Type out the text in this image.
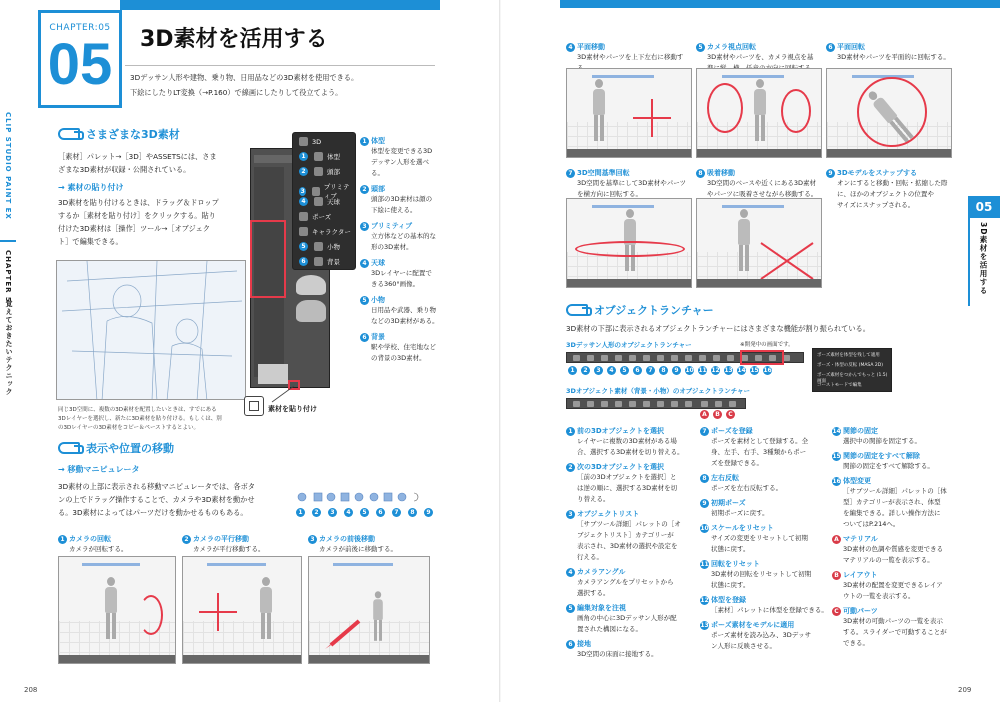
CHAPTER:05
05	3D素材を活用する
3Dデッサン人形や建物、乗り物、日用品などの3D素材を使用できる。
下絵にしたりLT変換（→P.160）で線画にしたりして役立てよう。
CLIP STUDIO PAINT EX
CHAPTER 5
覚えておきたいテクニック
さまざまな3D素材
［素材］パレット→［3D］やASSETSには、さま
ざまな3D素材が収録・公開されている。
→ 素材の貼り付け
3D素材を貼り付けるときは、ドラッグ＆ドロップ
するか［素材を貼り付け］をクリックする。貼り
付けた3D素材は［操作］ツール→［オブジェク
ト］で編集できる。
同じ3D空間に、複数の3D素材を配置したいときは、すでにある
3Dレイヤーを選択し、新たに3D素材を貼り付ける。もしくは、別
の3Dレイヤーの3D素材をコピー＆ペーストするとよい。
3D
1	体型
2	頭部
3	プリミティブ
4	天球
ポーズ
キャラクター
5	小物
6	背景
素材を貼り付け
1 体型
体型を変更できる3D
デッサン人形を選べる。
2 頭部
頭部の3D素材は顔の
下絵に使える。
3 プリミティブ
立方体などの基本的な
形の3D素材。
4 天球
3Dレイヤーに配置で
きる360°画像。
5 小物
日用品や武器、乗り物
などの3D素材がある。
6 背景
駅や学校、住宅地など
の背景の3D素材。
表示や位置の移動
→ 移動マニピュレータ
3D素材の上部に表示される移動マニピュレータでは、各ボタ
ンの上でドラッグ操作することで、カメラや3D素材を動かせ
る。3D素材によってはパーツだけを動かせるものもある。	1	2	3	4	5	6	7	8	9
1 カメラの回転
カメラが回転する。
2 カメラの平行移動
カメラが平行移動する。
3 カメラの前後移動
カメラが前後に移動する。
4 平面移動
3D素材やパーツを上下左右に移動す
5 カメラ視点回転
3D素材やパーツを、カメラ視点を基
6 平面回転
3D素材やパーツを平面的に回転する。
7 3D空間基準回転
3D空間を基準にして3D素材やパーツ
を横方向に回転する。
8 吸着移動
3D空間のベースや近くにある3D素材
やパーツに吸着させながら移動する。
9 3Dモデルをスナップする
オンにすると移動・回転・拡縮した際
に、ほかのオブジェクトの位置や
サイズにスナップされる。
オブジェクトランチャー
3D素材の下部に表示されるオブジェクトランチャーにはさまざまな機能が割り振られている。
3Dデッサン人形のオブジェクトランチャー	※開発中の画面です。
ポーズ素材を体型を残して適用
ポーズ・体型の反転 (MASA 2D)
ポーズ素材をつかんでもっと (1.5) 画面
ゴーストモードで編集
1	2	3	4	5	6	7	8	9	10 11 12 13 14 15 16
3Dオブジェクト素材（背景・小物）のオブジェクトランチャー
A	B	C
1 前の3Dオブジェクトを選択
レイヤーに複数の3D素材がある場
合、選択する3D素材を切り替える。
2 次の3Dオブジェクトを選択
［前の3Dオブジェクトを選択］と
は逆の順に、選択する3D素材を切
り替える。
3 オブジェクトリスト
［サブツール詳細］パレットの［オ
ブジェクトリスト］カテゴリーが
表示され、3D素材の選択や設定を
行える。
4 カメラアングル
カメラアングルをプリセットから
選択する。
5 編集対象を注視
画角の中心に3Dデッサン人形が配
置された構図になる。
6 接地
3D空間の床面に接地する。
7 ポーズを登録
ポーズを素材として登録する。全
身、左手、右手、3種類からポー
ズを登録できる。
8 左右反転
ポーズを左右反転する。
9 初期ポーズ
初期ポーズに戻す。
10 スケールをリセット
サイズの変更をリセットして初期
状態に戻す。
11 回転をリセット
3D素材の回転をリセットして初期
状態に戻す。
12 体型を登録
［素材］パレットに体型を登録できる。
13 ポーズ素材をモデルに適用
ポーズ素材を読み込み、3Dデッサ
ン人形に反映させる。
14 関節の固定
選択中の関節を固定する。
15 関節の固定をすべて解除
関節の固定をすべて解除する。
16 体型変更
［サブツール詳細］パレットの［体
型］カテゴリーが表示され、体型
を編集できる。詳しい操作方法に
ついてはP.214へ。
A マテリアル
3D素材の色調や質感を変更できる
マテリアルの一覧を表示する。
B レイアウト
3D素材の配置を変更できるレイア
ウトの一覧を表示する。
C 可動パーツ
3D素材の可動パーツの一覧を表示
する。スライダーで可動することが
できる。
05
3D素材を活用する
208	209
